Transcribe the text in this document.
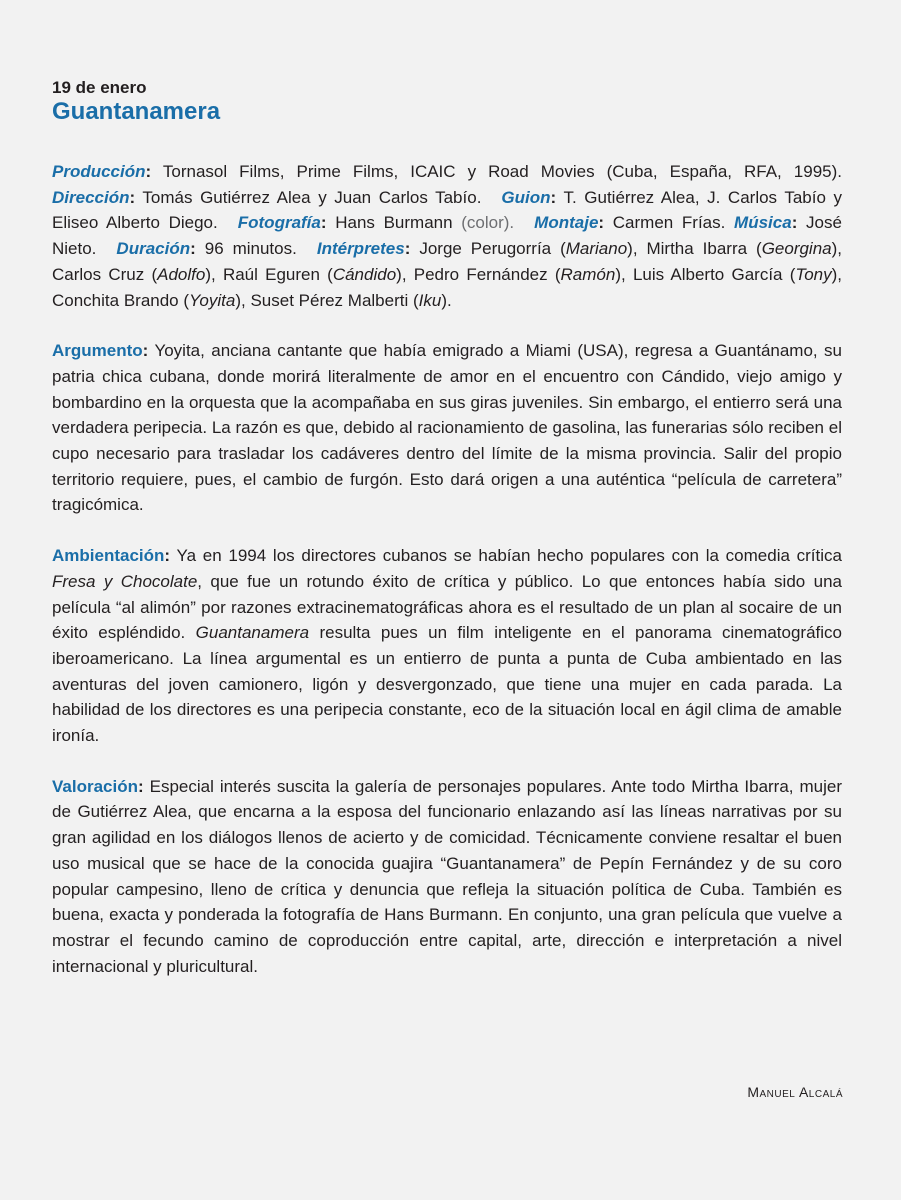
19 de enero

Guantanamera

Producción: Tornasol Films, Prime Films, ICAIC y Road Movies (Cuba, España, RFA, 1995). Dirección: Tomás Gutiérrez Alea y Juan Carlos Tabío. Guion: T. Gutiérrez Alea, J. Carlos Tabío y Eliseo Alberto Diego. Fotografía: Hans Burmann (color). Montaje: Carmen Frías. Música: José Nieto. Duración: 96 minutos. Intérpretes: Jorge Perugorría (Mariano), Mirtha Ibarra (Georgina), Carlos Cruz (Adolfo), Raúl Eguren (Cándido), Pedro Fernández (Ramón), Luis Alberto García (Tony), Conchita Brando (Yoyita), Suset Pérez Malberti (Iku).

Argumento: Yoyita, anciana cantante que había emigrado a Miami (USA), regresa a Guantánamo, su patria chica cubana, donde morirá literalmente de amor en el encuentro con Cándido, viejo amigo y bombardino en la orquesta que la acompañaba en sus giras juveniles. Sin embargo, el entierro será una verdadera peripecia. La razón es que, debido al racionamiento de gasolina, las funerarias sólo reciben el cupo necesario para trasladar los cadáveres dentro del límite de la misma provincia. Salir del propio territorio requiere, pues, el cambio de furgón. Esto dará origen a una auténtica “película de carretera” tragicómica.

Ambientación: Ya en 1994 los directores cubanos se habían hecho populares con la comedia crítica Fresa y Chocolate, que fue un rotundo éxito de crítica y público. Lo que entonces había sido una película “al alimón” por razones extracinematográficas ahora es el resultado de un plan al socaire de un éxito espléndido. Guantanamera resulta pues un film inteligente en el panorama cinematográfico iberoamericano. La línea argumental es un entierro de punta a punta de Cuba ambientado en las aventuras del joven camionero, ligón y desvergonzado, que tiene una mujer en cada parada. La habilidad de los directores es una peripecia constante, eco de la situación local en ágil clima de amable ironía.

Valoración: Especial interés suscita la galería de personajes populares. Ante todo Mirtha Ibarra, mujer de Gutiérrez Alea, que encarna a la esposa del funcionario enlazando así las líneas narrativas por su gran agilidad en los diálogos llenos de acierto y de comicidad. Técnicamente conviene resaltar el buen uso musical que se hace de la conocida guajira “Guantanamera” de Pepín Fernández y de su coro popular campesino, lleno de crítica y denuncia que refleja la situación política de Cuba. También es buena, exacta y ponderada la fotografía de Hans Burmann. En conjunto, una gran película que vuelve a mostrar el fecundo camino de coproducción entre capital, arte, dirección e interpretación a nivel internacional y pluricultural.

Manuel Alcalá
